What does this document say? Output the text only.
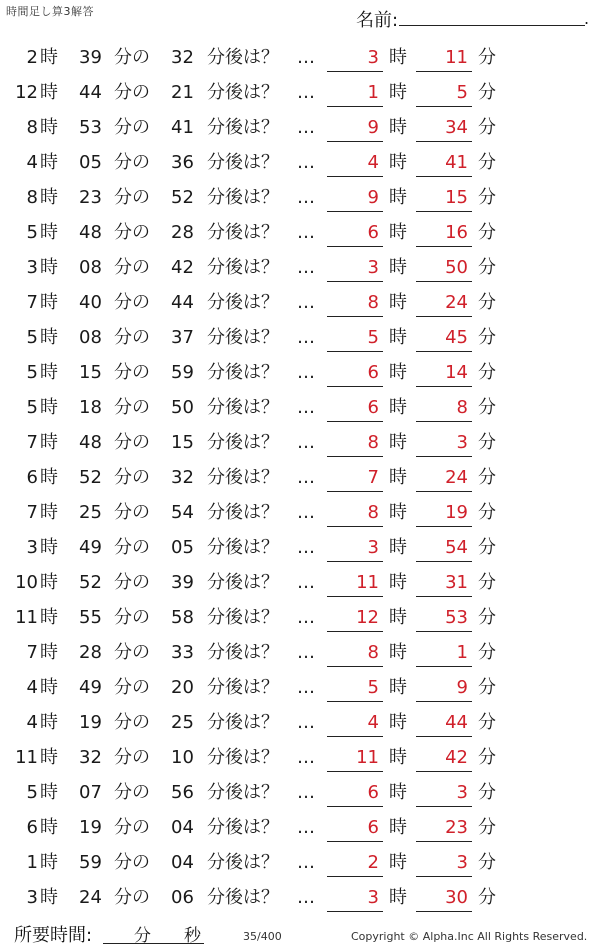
時間足し算3解答	名前:	.
2 時 39 分の 32 分後は？ …	3 時	11 分
12 時 44 分の 21 分後は？ …	1 時	5 分
8 時 53 分の 41 分後は？ …	9 時	34 分
4 時 05 分の 36 分後は？ …	4 時	41 分
8 時 23 分の 52 分後は？ …	9 時	15 分
5 時 48 分の 28 分後は？ …	6 時	16 分
3 時 08 分の 42 分後は？ …	3 時	50 分
7 時 40 分の 44 分後は？ …	8 時	24 分
5 時 08 分の 37 分後は？ …	5 時	45 分
5 時 15 分の 59 分後は？ …	6 時	14 分
5 時 18 分の 50 分後は？ …	6 時	8 分
7 時 48 分の 15 分後は？ …	8 時	3 分
6 時 52 分の 32 分後は？ …	7 時	24 分
7 時 25 分の 54 分後は？ …	8 時	19 分
3 時 49 分の 05 分後は？ …	3 時	54 分
10 時 52 分の 39 分後は？ …	11 時	31 分
11 時 55 分の 58 分後は？ …	12 時	53 分
7 時 28 分の 33 分後は？ …	8 時	1 分
4 時 49 分の 20 分後は？ …	5 時	9 分
4 時 19 分の 25 分後は？ …	4 時	44 分
11 時 32 分の 10 分後は？ …	11 時	42 分
5 時 07 分の 56 分後は？ …	6 時	3 分
6 時 19 分の 04 分後は？ …	6 時	23 分
1 時 59 分の 04 分後は？ …	2 時	3 分
3 時 24 分の 06 分後は？ …	3 時	30 分
所要時間: 分 秒	35/400	Copyright © Alpha.Inc All Rights Reserved.
